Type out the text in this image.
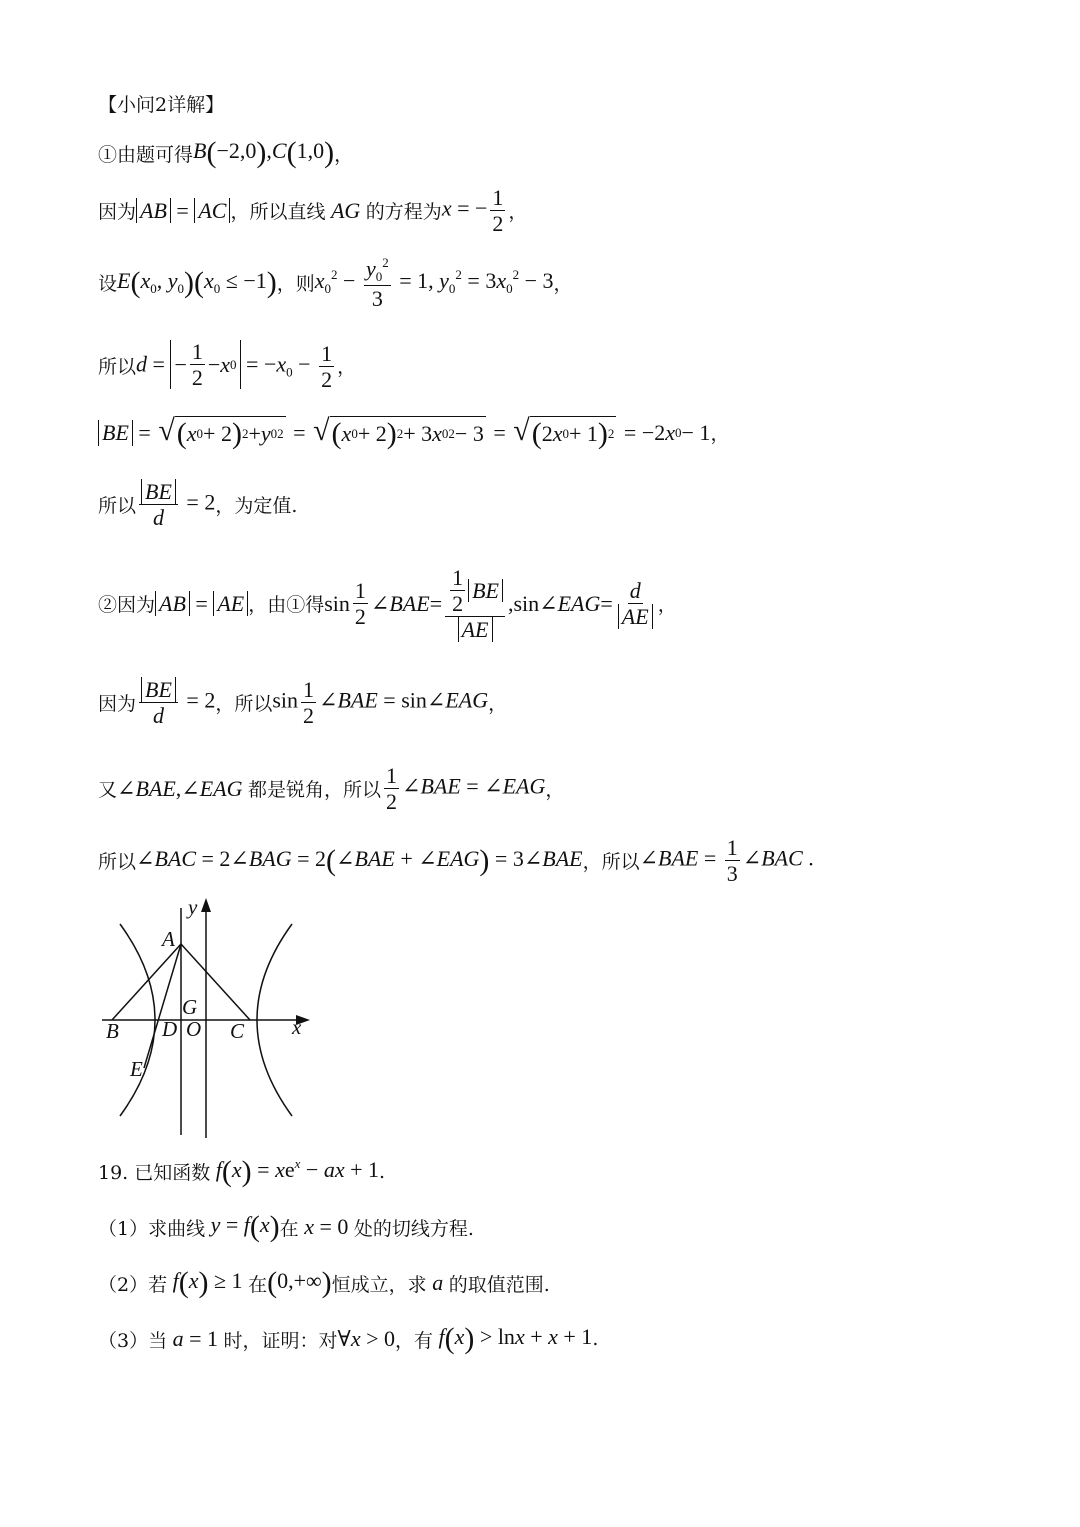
【小问2详解】
①由题可得 B(−2,0),C(1,0) ，
因为 AB = AC ，所以直线 AG 的方程为 x = − $\frac{1}{2}$ ，
设 $E(x_0$, $y_0)(x_0 \le -1)$ ，则 $x_0^2 - \frac{y_0^2}{3} = 1$, $y_0^2 = 3x_0^2 - 3$ ，
所以 d = − $\frac{1}{2} - x$ $0 = -x_0 - \frac{1}{2}$ ，
BE = √ ( x 0 + 2 ) 2 + y 0 2 = √ ( x 0 + 2 ) 2 + 3 x 0 2 − 3 = √ ( 2 x 0 + 1 ) 2 = −2 x 0 − 1 ，
所以 $\frac{BE}{d} = 2$ ，为定值.
②因为 AB = AE ，由①得 $\sin \frac{1}{2}$ ∠ BAE = $\frac{\frac{1}{2} BE}{AE}$ ,sin∠ EAG = $\frac{d}{AE}$ ，
因为 $\frac{BE}{d} = 2$ ，所以 $\sin \frac{1}{2}$ ∠BAE = sin∠EAG ，
又 ∠BAE,∠EAG 都是锐角，所以 $\frac{1}{2}$ ∠BAE = ∠EAG ，
所以 ∠BAC = 2∠BAG = 2(∠BAE + ∠EAG) = 3∠BAE ，所以 ∠BAE = $\frac{1}{3}$ ∠BAC .
y
A
G
B D O C x
E
19. 已知函数 $f(x) = xe^x$ − ax + 1 .
（1）求曲线 y = f(x) 在 x = 0 处的切线方程.
（2）若 f(x) ≥ 1 在 (0,+∞) 恒成立，求 a 的取值范围.
（3）当 a = 1 时，证明：对 ∀x > 0 ，有 f(x) > lnx + x + 1 .
